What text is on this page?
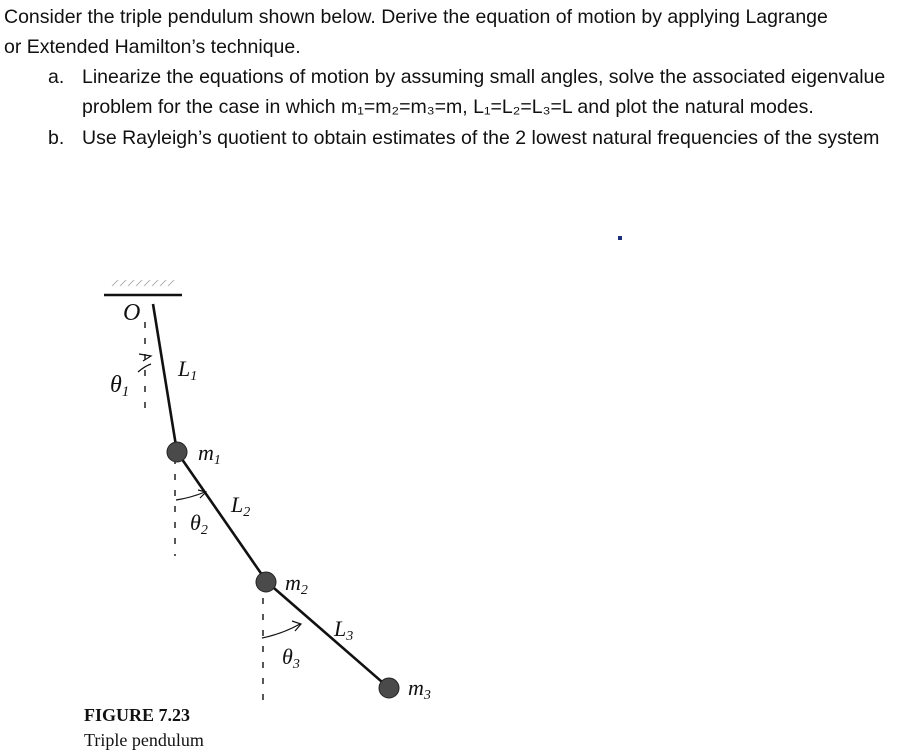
Consider the triple pendulum shown below. Derive the equation of motion by applying Lagrange
or Extended Hamilton’s technique.
a. Linearize the equations of motion by assuming small angles, solve the associated eigenvalue problem for the case in which m₁=m₂=m₃=m, L₁=L₂=L₃=L and plot the natural modes.
b. Use Rayleigh’s quotient to obtain estimates of the 2 lowest natural frequencies of the system
O
θ1
L1
m1
θ2
L2
m2
θ3
L3
m3
FIGURE 7.23
Triple pendulum
